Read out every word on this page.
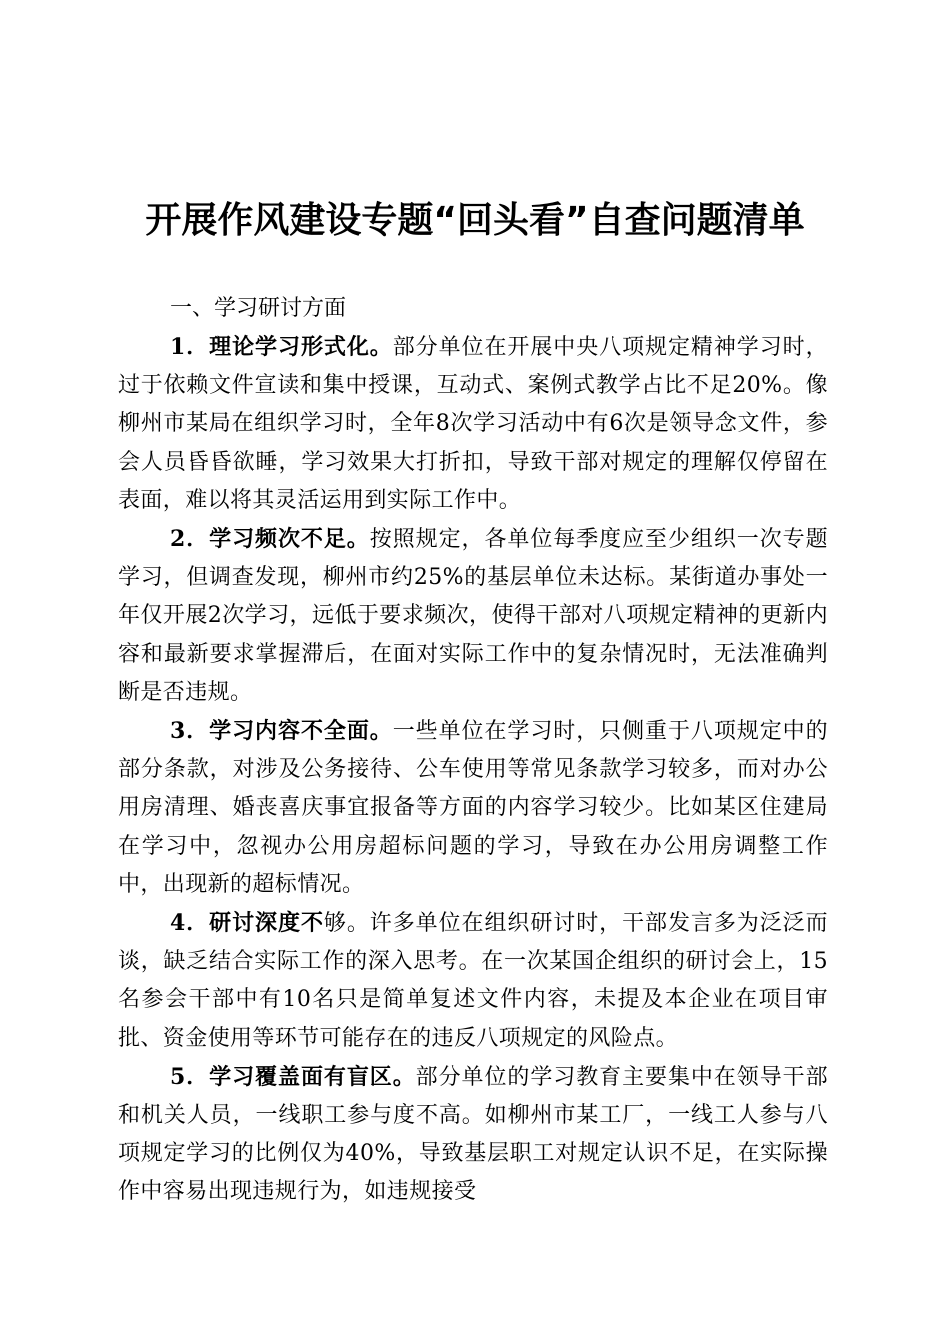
开展作风建设专题“回头看”自查问题清单
一、学习研讨方面

1．理论学习形式化。部分单位在开展中央八项规定精神学习时，过于依赖文件宣读和集中授课，互动式、案例式教学占比不足20%。像柳州市某局在组织学习时，全年8次学习活动中有6次是领导念文件，参会人员昏昏欲睡，学习效果大打折扣，导致干部对规定的理解仅停留在表面，难以将其灵活运用到实际工作中。

2．学习频次不足。按照规定，各单位每季度应至少组织一次专题学习，但调查发现，柳州市约25%的基层单位未达标。某街道办事处一年仅开展2次学习，远低于要求频次，使得干部对八项规定精神的更新内容和最新要求掌握滞后，在面对实际工作中的复杂情况时，无法准确判断是否违规。

3．学习内容不全面。一些单位在学习时，只侧重于八项规定中的部分条款，对涉及公务接待、公车使用等常见条款学习较多，而对办公用房清理、婚丧喜庆事宜报备等方面的内容学习较少。比如某区住建局在学习中，忽视办公用房超标问题的学习，导致在办公用房调整工作中，出现新的超标情况。

4．研讨深度不够。许多单位在组织研讨时，干部发言多为泛泛而谈，缺乏结合实际工作的深入思考。在一次某国企组织的研讨会上，15名参会干部中有10名只是简单复述文件内容，未提及本企业在项目审批、资金使用等环节可能存在的违反八项规定的风险点。

5．学习覆盖面有盲区。部分单位的学习教育主要集中在领导干部和机关人员，一线职工参与度不高。如柳州市某工厂，一线工人参与八项规定学习的比例仅为40%，导致基层职工对规定认识不足，在实际操作中容易出现违规行为，如违规接受
